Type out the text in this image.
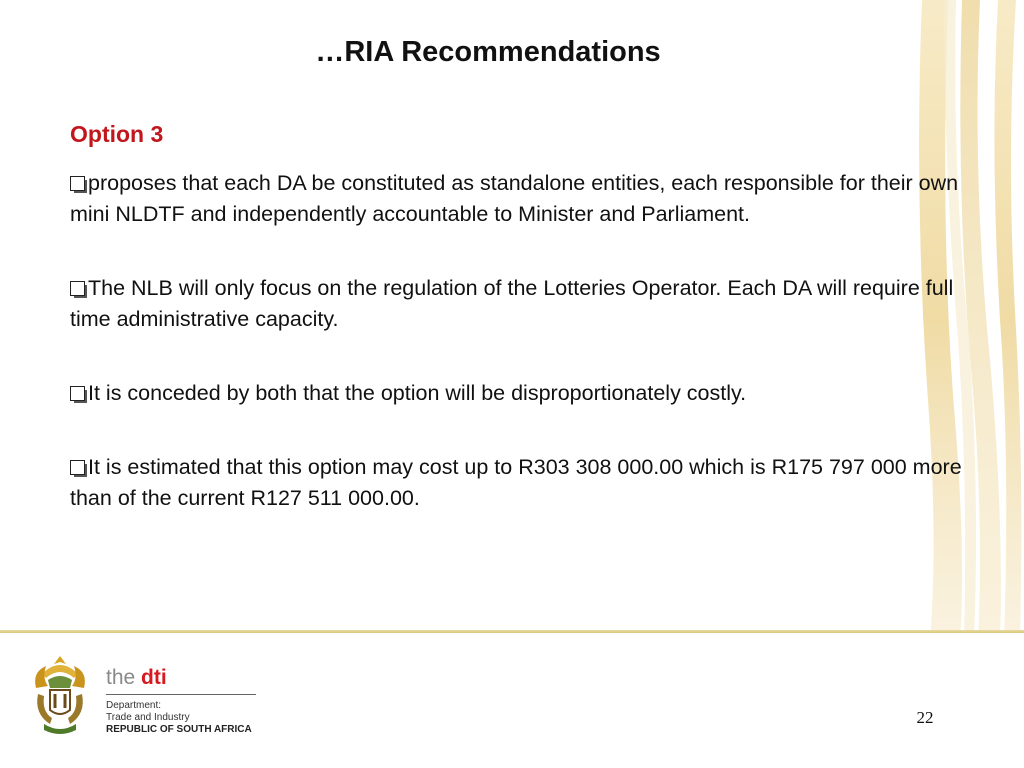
…RIA Recommendations
Option 3

proposes that each DA be constituted as standalone entities, each responsible for their own mini NLDTF and independently accountable to Minister and Parliament.

The NLB will only focus on the regulation of the Lotteries Operator. Each DA will require full time administrative capacity.

It is conceded by both that the option will be disproportionately costly.

It is estimated that this option may cost up to R303 308 000.00 which is R175 797 000 more than of the current R127 511 000.00.

the dti
Department:
Trade and Industry
REPUBLIC OF SOUTH AFRICA
22
